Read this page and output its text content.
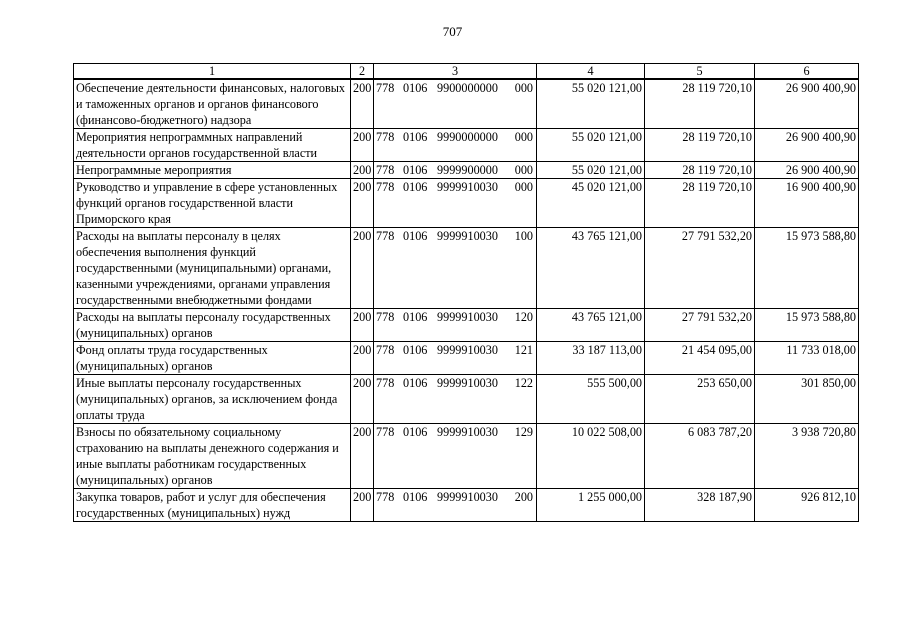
707
1	2	3	4	5	6
Обеспечение деятельности финансовых, налоговых и таможенных органов и органов финансового (финансово-бюджетного) надзора	200	778 0106 9900000000 000	55 020 121,00	28 119 720,10	26 900 400,90
Мероприятия непрограммных направлений деятельности органов государственной власти	200	778 0106 9990000000 000	55 020 121,00	28 119 720,10	26 900 400,90
Непрограммные мероприятия	200	778 0106 9999900000 000	55 020 121,00	28 119 720,10	26 900 400,90
Руководство и управление в сфере установленных функций органов государственной власти Приморского края	200	778 0106 9999910030 000	45 020 121,00	28 119 720,10	16 900 400,90
Расходы на выплаты персоналу в целях обеспечения выполнения функций государственными (муниципальными) органами, казенными учреждениями, органами управления государственными внебюджетными фондами	200	778 0106 9999910030 100	43 765 121,00	27 791 532,20	15 973 588,80
Расходы на выплаты персоналу государственных (муниципальных) органов	200	778 0106 9999910030 120	43 765 121,00	27 791 532,20	15 973 588,80
Фонд оплаты труда государственных (муниципальных) органов	200	778 0106 9999910030 121	33 187 113,00	21 454 095,00	11 733 018,00
Иные выплаты персоналу государственных (муниципальных) органов, за исключением фонда оплаты труда	200	778 0106 9999910030 122	555 500,00	253 650,00	301 850,00
Взносы по обязательному социальному страхованию на выплаты денежного содержания и иные выплаты работникам государственных (муниципальных) органов	200	778 0106 9999910030 129	10 022 508,00	6 083 787,20	3 938 720,80
Закупка товаров, работ и услуг для обеспечения государственных (муниципальных) нужд	200	778 0106 9999910030 200	1 255 000,00	328 187,90	926 812,10
